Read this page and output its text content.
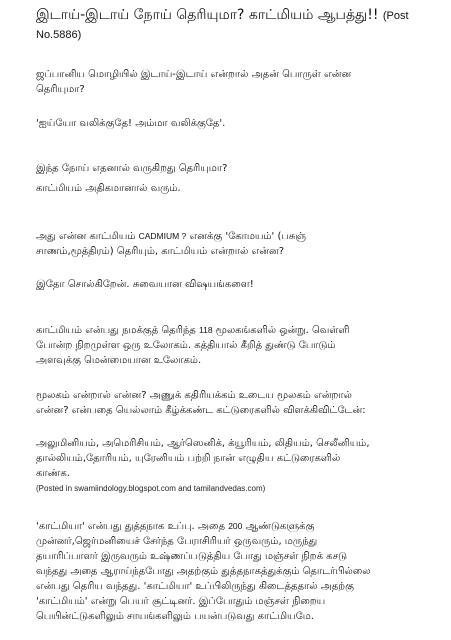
இடாய்-இடாய் நோய் தெரியுமா? காட்மியம் ஆபத்து!! (Post No.5886)
ஜப்பானிய மொழியில் இடாய்-இடாய் என்றால் அதன் பொருள் என்ன
தெரியுமா?
'ஐய்யோ வலிக்குதே! அம்மா வலிக்குதே'.
இந்த நோய் எதனால் வருகிறது தெரியுமா?
காட்மியம் அதிகமானால் வரும்.
அது என்ன காட்மியம் CADMIUM ? எனக்கு 'கோமயம்' (பசுஞ்
சாணம்,மூத்திரம்) தெரியும், காட்மியம் என்றால் என்ன?
இதோ சொல்கிறேன். சுவையான விஷயங்களை!
காட்மியம் என்பது நமக்குத் தெரிந்த 118 மூலகங்களில் ஒன்று. வெள்ளி
போன்ற நிறமுள்ள ஒரு உலோகம். கத்தியால் கீறித் துண்டு போடும்
அளவுக்கு மென்மையான உலோகம்.
மூலகம் என்றால் என்ன? அணுக் கதிரியக்கம் உடைய மூலகம் என்றால்
என்ன? என்பதை யெல்லாம் கீழ்க்கண்ட கட்டுரைகளில் விளக்கிவிட்டேன்:
அலுமினியம், அமெரிசியம், ஆர்ஸெனிக், க்யூரியம், லிதியம், செலீனியம்,
தால்லியம்,தோரியம், யுரேனியம் பற்றி நான் எழுதிய கட்டுரைகளில்
காண்க.
(Posted in swamiindology.blogspot.com and tamilandvedas.com)
'காட்மியா' என்பது துத்தநாக உப்பு. அதை 200 ஆண்டுகளுக்கு
முன்னர்,ஜெர்மனியைச் சேர்ந்த பேராசிரியர் ஒருவரும், மருந்து
தயாரிப்பாளர் இருவரும் உஷ்ணப்படுத்திய போது மஞ்சள் நிறக் கசடு
வந்தது அதை ஆராய்ந்தபோது அதற்கும் துத்தநாகத்துக்கும் தொடர்பில்லை
என்பது தெரிய வந்தது. 'காட்மியா' உப்பிலிருந்து கிடைத்ததால் அதற்கு
'காட்மியம்' என்று பெயர் சூட்டினர். இப்போதும் மஞ்சள் நிறைய
பெயின்ட்டுகளிலும் சாயங்களிலும் பயன்படுவது காட்மியமே.
